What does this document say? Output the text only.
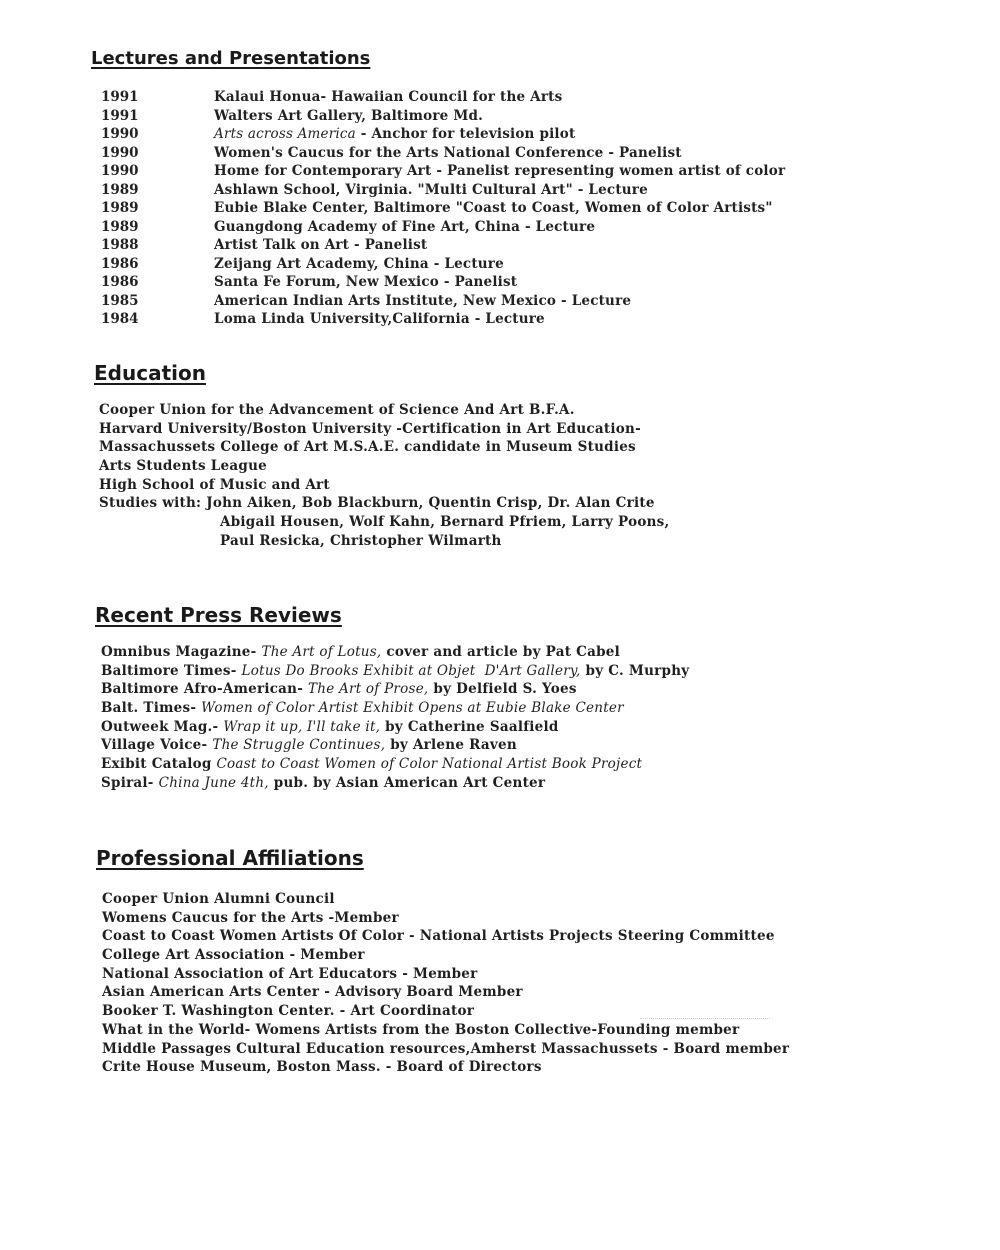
Lectures and Presentations
1991	Kalaui Honua- Hawaiian Council for the Arts
1991	Walters Art Gallery, Baltimore Md.
1990	Arts across America - Anchor for television pilot
1990	Women's Caucus for the Arts National Conference - Panelist
1990	Home for Contemporary Art - Panelist representing women artist of color
1989	Ashlawn School, Virginia. "Multi Cultural Art" - Lecture
1989	Eubie Blake Center, Baltimore "Coast to Coast, Women of Color Artists"
1989	Guangdong Academy of Fine Art, China - Lecture
1988	Artist Talk on Art - Panelist
1986	Zeijang Art Academy, China - Lecture
1986	Santa Fe Forum, New Mexico - Panelist
1985	American Indian Arts Institute, New Mexico - Lecture
1984	Loma Linda University,California - Lecture
Education
Cooper Union for the Advancement of Science And Art B.F.A.
Harvard University/Boston University -Certification in Art Education-
Massachussets College of Art M.S.A.E. candidate in Museum Studies
Arts Students League
High School of Music and Art
Studies with: John Aiken, Bob Blackburn, Quentin Crisp, Dr. Alan Crite
Abigail Housen, Wolf Kahn, Bernard Pfriem, Larry Poons,
Paul Resicka, Christopher Wilmarth
Recent Press Reviews
Omnibus Magazine- The Art of Lotus, cover and article by Pat Cabel
Baltimore Times- Lotus Do Brooks Exhibit at Objet  D'Art Gallery, by C. Murphy
Baltimore Afro-American- The Art of Prose, by Delfield S. Yoes
Balt. Times- Women of Color Artist Exhibit Opens at Eubie Blake Center
Outweek Mag.- Wrap it up, I'll take it, by Catherine Saalfield
Village Voice- The Struggle Continues, by Arlene Raven
Exibit Catalog Coast to Coast Women of Color National Artist Book Project
Spiral- China June 4th, pub. by Asian American Art Center
Professional Affiliations
Cooper Union Alumni Council
Womens Caucus for the Arts -Member
Coast to Coast Women Artists Of Color - National Artists Projects Steering Committee
College Art Association - Member
National Association of Art Educators - Member
Asian American Arts Center - Advisory Board Member
Booker T. Washington Center. - Art Coordinator
What in the World- Womens Artists from the Boston Collective-Founding member
Middle Passages Cultural Education resources,Amherst Massachussets - Board member
Crite House Museum, Boston Mass. - Board of Directors
